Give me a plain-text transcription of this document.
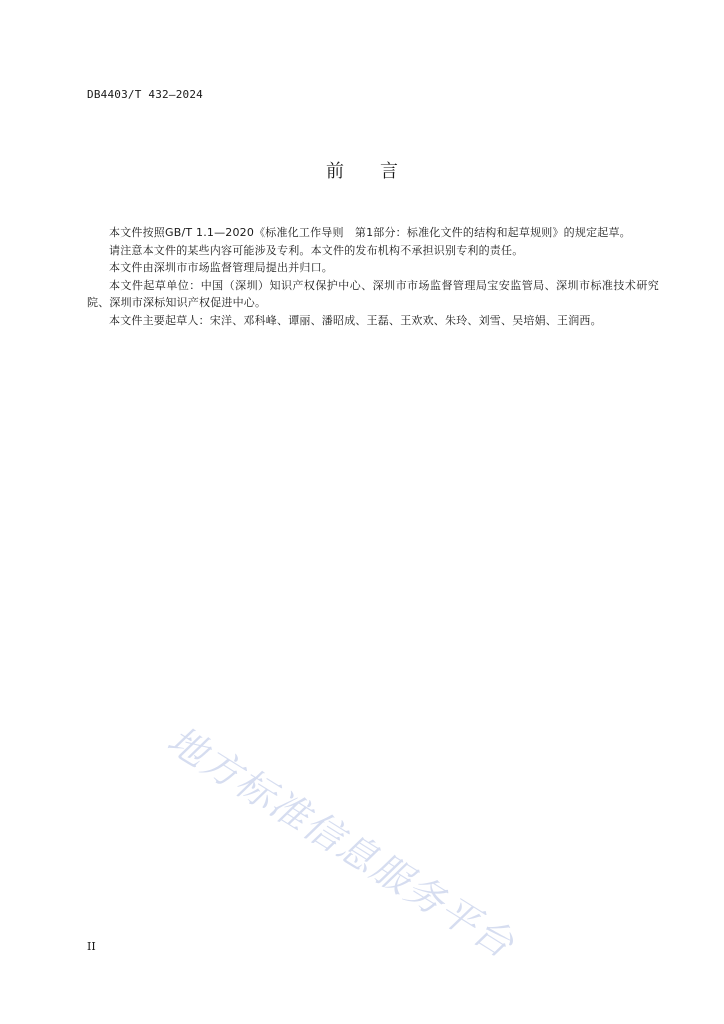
DB4403/T 432—2024
前 言

本文件按照GB/T 1.1—2020《标准化工作导则　第1部分：标准化文件的结构和起草规则》的规定起草。

请注意本文件的某些内容可能涉及专利。本文件的发布机构不承担识别专利的责任。

本文件由深圳市市场监督管理局提出并归口。

本文件起草单位：中国（深圳）知识产权保护中心、深圳市市场监督管理局宝安监管局、深圳市标准技术研究院、深圳市深标知识产权促进中心。

本文件主要起草人：宋洋、邓科峰、谭丽、潘昭成、王磊、王欢欢、朱玲、刘雪、吴培娟、王润西。

地方标准信息服务平台
II
